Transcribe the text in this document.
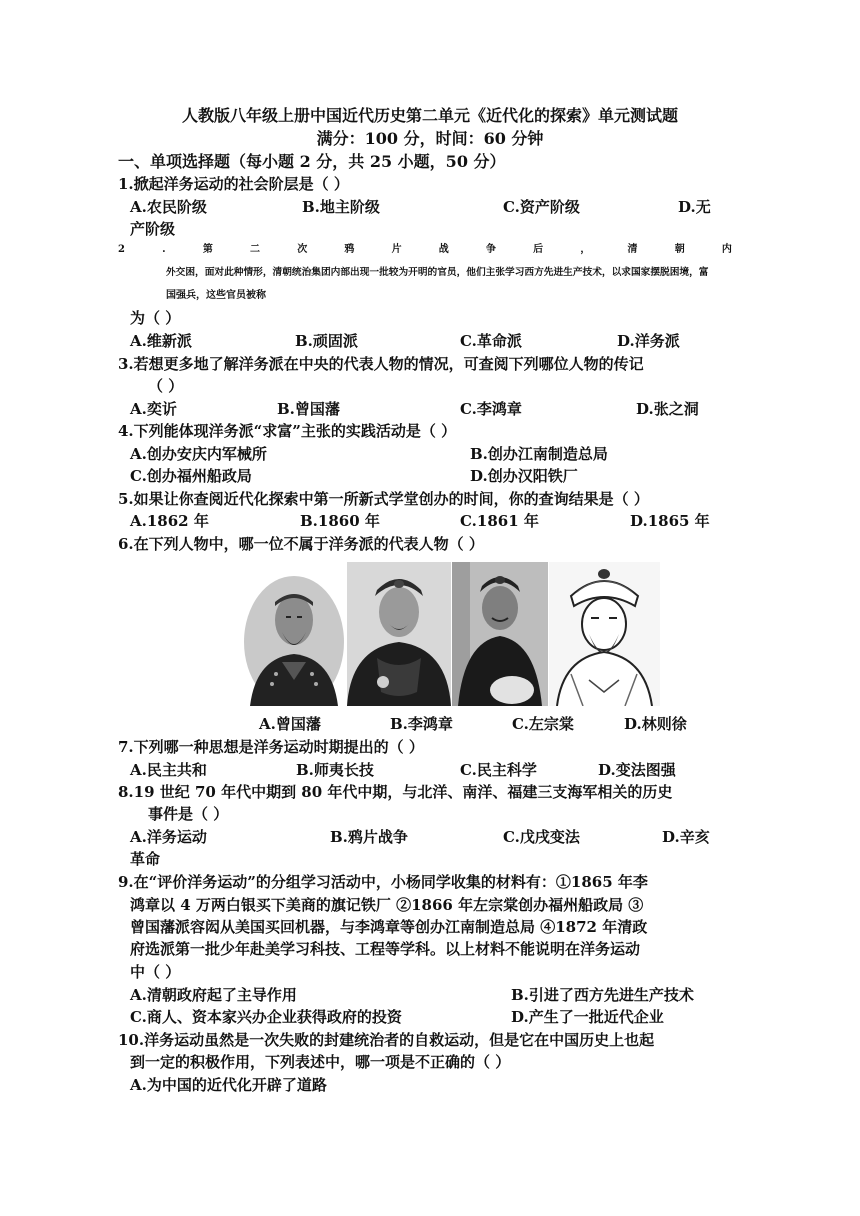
人教版八年级上册中国近代历史第二单元《近代化的探索》单元测试题
满分：100 分，时间：60 分钟
一、单项选择题（每小题 2 分，共 25 小题，50 分）
1.掀起洋务运动的社会阶层是（ ）
A.农民阶级	B.地主阶级	C.资产阶级	D.无
产阶级
2	.	第	二	次	鸦	片	战	争	后	，	清	朝	内
外交困，面对此种情形，清朝统治集团内部出现一批较为开明的官员，他们主张学习西方先进生产技术，以求国家摆脱困境，富
国强兵，这些官员被称
为（ ）
A.维新派	B.顽固派	C.革命派	D.洋务派
3.若想更多地了解洋务派在中央的代表人物的情况，可查阅下列哪位人物的传记
（ ）
A.奕䜣	B.曾国藩	C.李鸿章	D.张之洞
4.下列能体现洋务派“求富”主张的实践活动是（ ）
A.创办安庆内军械所	B.创办江南制造总局
C.创办福州船政局	D.创办汉阳铁厂
5.如果让你查阅近代化探索中第一所新式学堂创办的时间，你的查询结果是（ ）
A.1862 年	B.1860 年	C.1861 年	D.1865 年
6.在下列人物中，哪一位不属于洋务派的代表人物（ ）
A.曾国藩	B.李鸿章	C.左宗棠	D.林则徐
7.下列哪一种思想是洋务运动时期提出的（ ）
A.民主共和	B.师夷长技	C.民主科学	D.变法图强
8.19 世纪 70 年代中期到 80 年代中期，与北洋、南洋、福建三支海军相关的历史
事件是（ ）
A.洋务运动	B.鸦片战争	C.戊戌变法	D.辛亥
革命
9.在“评价洋务运动”的分组学习活动中，小杨同学收集的材料有：①1865 年李
鸿章以 4 万两白银买下美商的旗记铁厂 ②1866 年左宗棠创办福州船政局 ③
曾国藩派容闳从美国买回机器，与李鸿章等创办江南制造总局 ④1872 年清政
府选派第一批少年赴美学习科技、工程等学科。以上材料不能说明在洋务运动
中（ ）
A.清朝政府起了主导作用	B.引进了西方先进生产技术
C.商人、资本家兴办企业获得政府的投资	D.产生了一批近代企业
10.洋务运动虽然是一次失败的封建统治者的自救运动，但是它在中国历史上也起
到一定的积极作用，下列表述中，哪一项是不正确的（ ）
A.为中国的近代化开辟了道路
